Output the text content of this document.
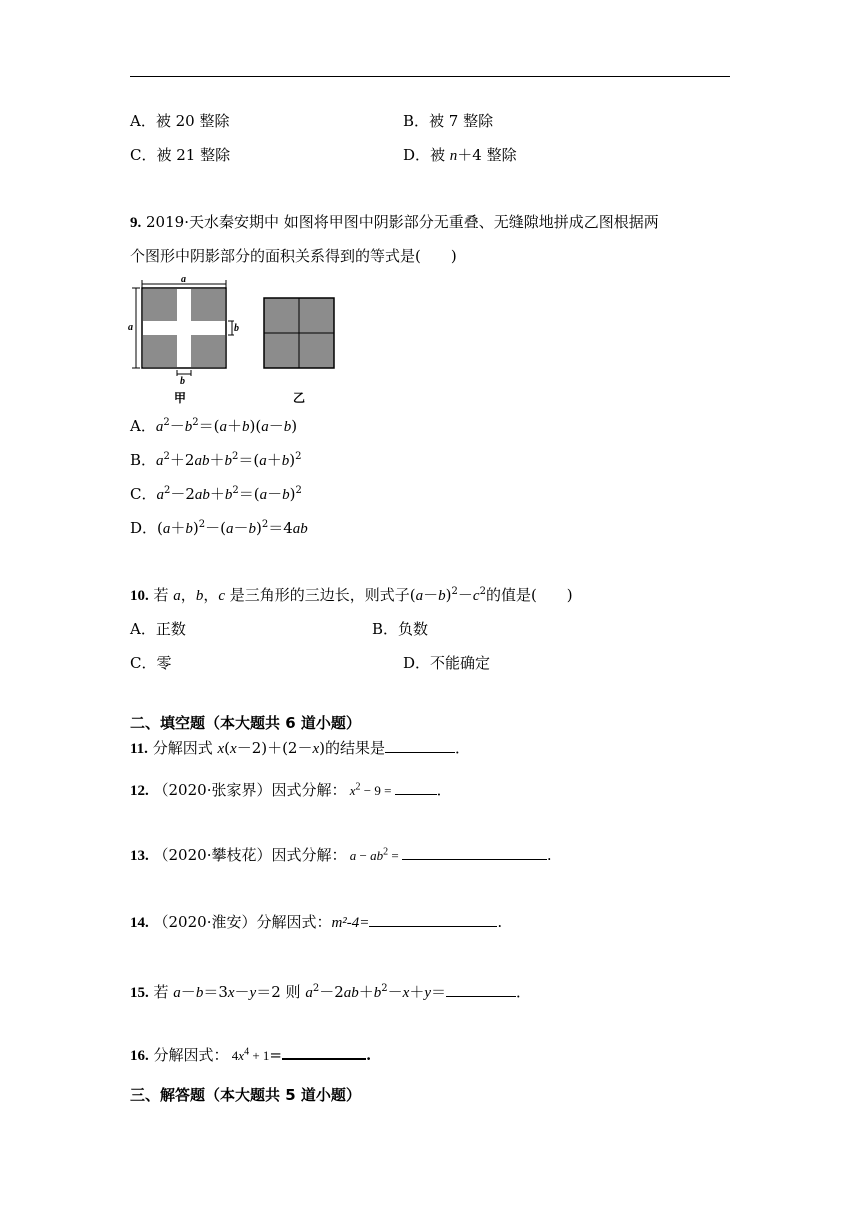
A．被 20 整除	B．被 7 整除
C．被 21 整除	D．被 n＋4 整除
9. 2019·天水秦安期中 如图将甲图中阴影部分无重叠、无缝隙地拼成乙图根据两
个图形中阴影部分的面积关系得到的等式是(　　)
a
a	b
b
甲	乙
A．$a^2-b^2=(a+b)(a-b)$
B．$a^2+2ab+b^2=(a+b)^2$
C．$a^2-2ab+b^2=(a-b)^2$
D．$(a+b)^2-(a-b)^2=4ab$
10. 若 a，b，c 是三角形的三边长，则式子$(a-b)^2-c^2$的值是(　　)
A．正数	B．负数
C．零	D．不能确定
二、填空题（本大题共 6 道小题）
11. 分解因式 x(x－2)＋(2－x)的结果是	．
12. （2020·张家界）因式分解： $x^2 - 9$ =	．
13. （2020·攀枝花）因式分解： $a - ab^2$ =	.
14. （2020·淮安）分解因式：m²-4=	.
15. 若 a－b＝3x－y＝2 则 $a^2-2ab+b^2-x+y=$	．
16. 分解因式： $4x^4 + 1=$	.
三、解答题（本大题共 5 道小题）
